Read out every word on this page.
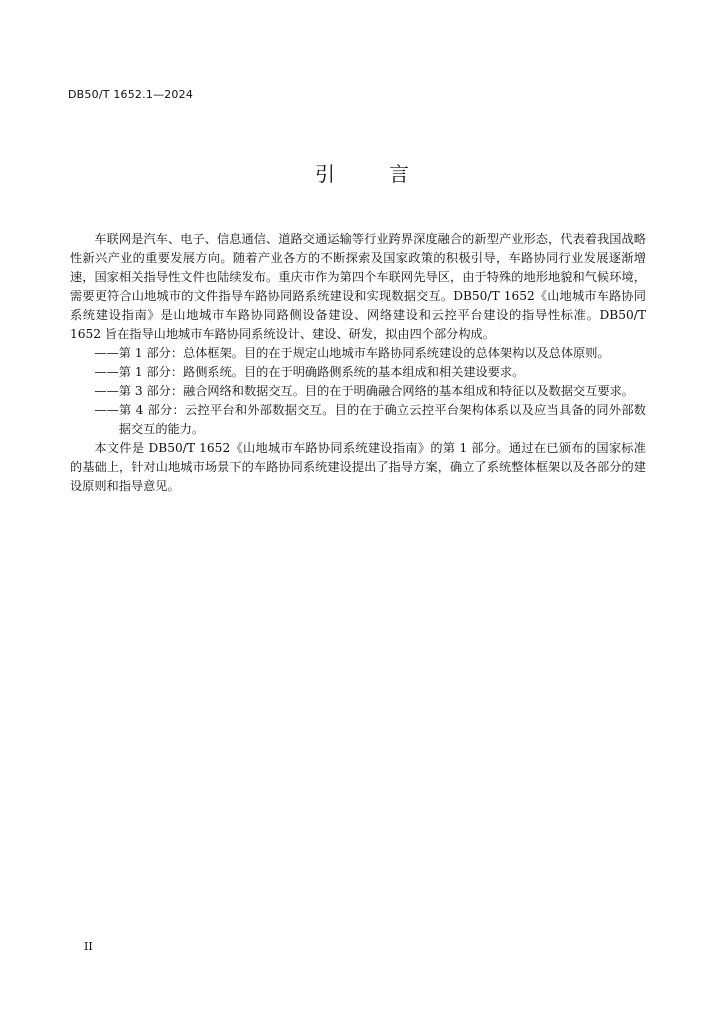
DB50/T 1652.1—2024
引言

车联网是汽车、电子、信息通信、道路交通运输等行业跨界深度融合的新型产业形态，代表着我国战略性新兴产业的重要发展方向。随着产业各方的不断探索及国家政策的积极引导，车路协同行业发展逐渐增速，国家相关指导性文件也陆续发布。重庆市作为第四个车联网先导区，由于特殊的地形地貌和气候环境，需要更符合山地城市的文件指导车路协同路系统建设和实现数据交互。DB50/T 1652《山地城市车路协同系统建设指南》是山地城市车路协同路侧设备建设、网络建设和云控平台建设的指导性标准。DB50/T 1652 旨在指导山地城市车路协同系统设计、建设、研发，拟由四个部分构成。

——第 1 部分：总体框架。目的在于规定山地城市车路协同系统建设的总体架构以及总体原则。

——第 1 部分：路侧系统。目的在于明确路侧系统的基本组成和相关建设要求。

——第 3 部分：融合网络和数据交互。目的在于明确融合网络的基本组成和特征以及数据交互要求。

——第 4 部分：云控平台和外部数据交互。目的在于确立云控平台架构体系以及应当具备的同外部数据交互的能力。

本文件是 DB50/T 1652《山地城市车路协同系统建设指南》的第 1 部分。通过在已颁布的国家标准的基础上，针对山地城市场景下的车路协同系统建设提出了指导方案，确立了系统整体框架以及各部分的建设原则和指导意见。

II
